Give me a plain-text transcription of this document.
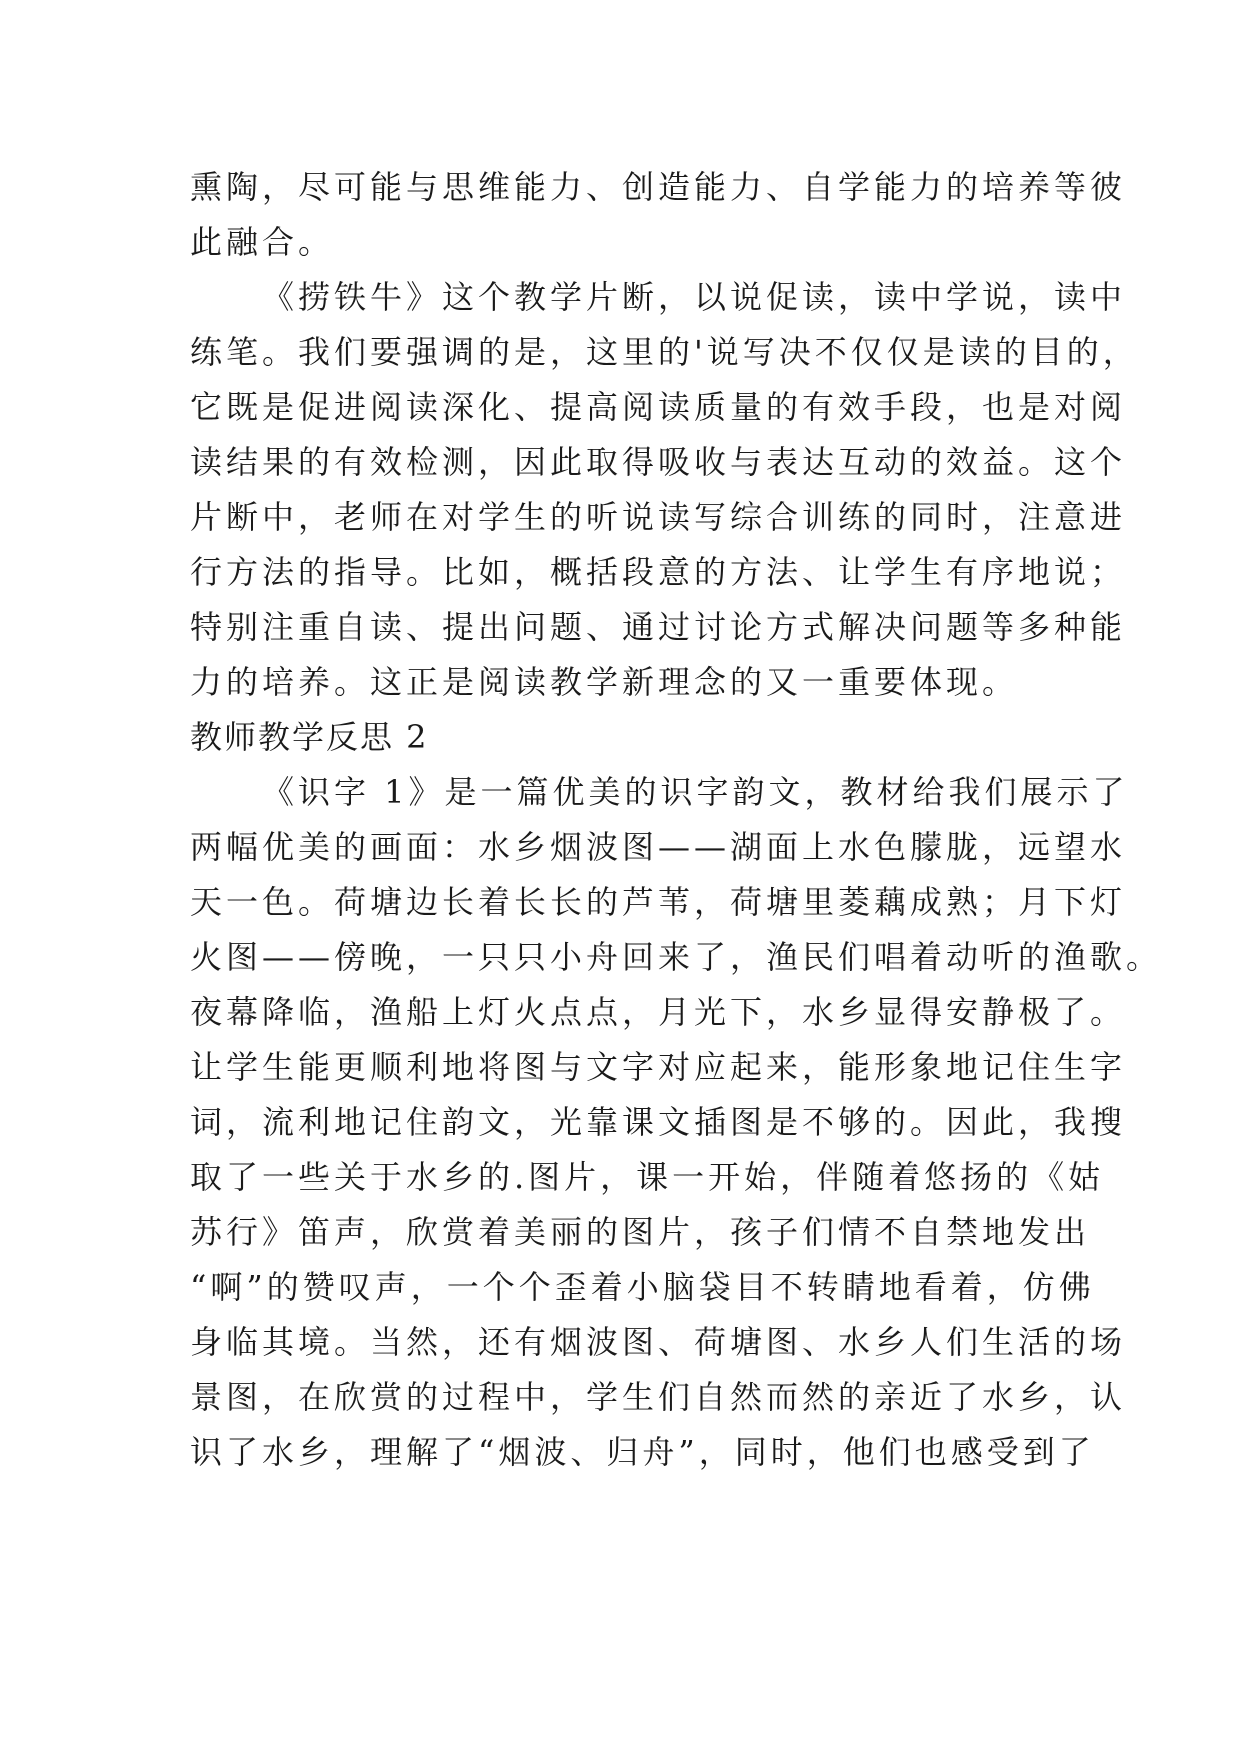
熏陶，尽可能与思维能力、创造能力、自学能力的培养等彼
此融合。
《捞铁牛》这个教学片断，以说促读，读中学说，读中
练笔。我们要强调的是，这里的'说写决不仅仅是读的目的，
它既是促进阅读深化、提高阅读质量的有效手段，也是对阅
读结果的有效检测，因此取得吸收与表达互动的效益。这个
片断中，老师在对学生的听说读写综合训练的同时，注意进
行方法的指导。比如，概括段意的方法、让学生有序地说；
特别注重自读、提出问题、通过讨论方式解决问题等多种能
力的培养。这正是阅读教学新理念的又一重要体现。
教师教学反思 2
《识字 1》是一篇优美的识字韵文，教材给我们展示了
两幅优美的画面：水乡烟波图——湖面上水色朦胧，远望水
天一色。荷塘边长着长长的芦苇，荷塘里菱藕成熟；月下灯
火图——傍晚，一只只小舟回来了，渔民们唱着动听的渔歌。
夜幕降临，渔船上灯火点点，月光下，水乡显得安静极了。
让学生能更顺利地将图与文字对应起来，能形象地记住生字
词，流利地记住韵文，光靠课文插图是不够的。因此，我搜
取了一些关于水乡的.图片，课一开始，伴随着悠扬的《姑
苏行》笛声，欣赏着美丽的图片，孩子们情不自禁地发出
“啊”的赞叹声，一个个歪着小脑袋目不转睛地看着，仿佛
身临其境。当然，还有烟波图、荷塘图、水乡人们生活的场
景图，在欣赏的过程中，学生们自然而然的亲近了水乡，认
识了水乡，理解了“烟波、归舟”，同时，他们也感受到了
